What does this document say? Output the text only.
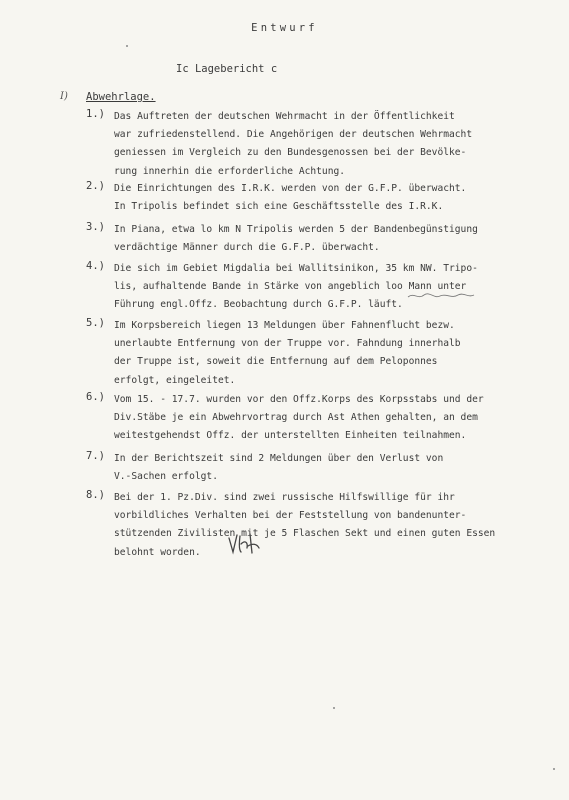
Entwurf
Ic Lagebericht c
I) Abwehrlage.
1.) Das Auftreten der deutschen Wehrmacht in der Öffentlichkeit
war zufriedenstellend. Die Angehörigen der deutschen Wehrmacht
geniessen im Vergleich zu den Bundesgenossen bei der Bevölke-
rung innerhin die erforderliche Achtung.
2.) Die Einrichtungen des I.R.K. werden von der G.F.P. überwacht.
In Tripolis befindet sich eine Geschäftsstelle des I.R.K.
3.) In Piana, etwa lo km N Tripolis werden 5 der Bandenbegünstigung
verdächtige Männer durch die G.F.P. überwacht.
4.) Die sich im Gebiet Migdalia bei Wallitsinikon, 35 km NW. Tripo-
lis, aufhaltende Bande in Stärke von angeblich loo Mann unter
Führung engl.Offz. Beobachtung durch G.F.P. läuft.
5.) Im Korpsbereich liegen 13 Meldungen über Fahnenflucht bezw.
unerlaubte Entfernung von der Truppe vor. Fahndung innerhalb
der Truppe ist, soweit die Entfernung auf dem Peloponnes
erfolgt, eingeleitet.
6.) Vom 15. - 17.7. wurden vor den Offz.Korps des Korpsstabs und der
Div.Stäbe je ein Abwehrvortrag durch Ast Athen gehalten, an dem
weitestgehendst Offz. der unterstellten Einheiten teilnahmen.
7.) In der Berichtszeit sind 2 Meldungen über den Verlust von
V.-Sachen erfolgt.
8.) Bei der 1. Pz.Div. sind zwei russische Hilfswillige für ihr
vorbildliches Verhalten bei der Feststellung von bandenunter-
stützenden Zivilisten mit je 5 Flaschen Sekt und einen guten Essen
belohnt worden.
